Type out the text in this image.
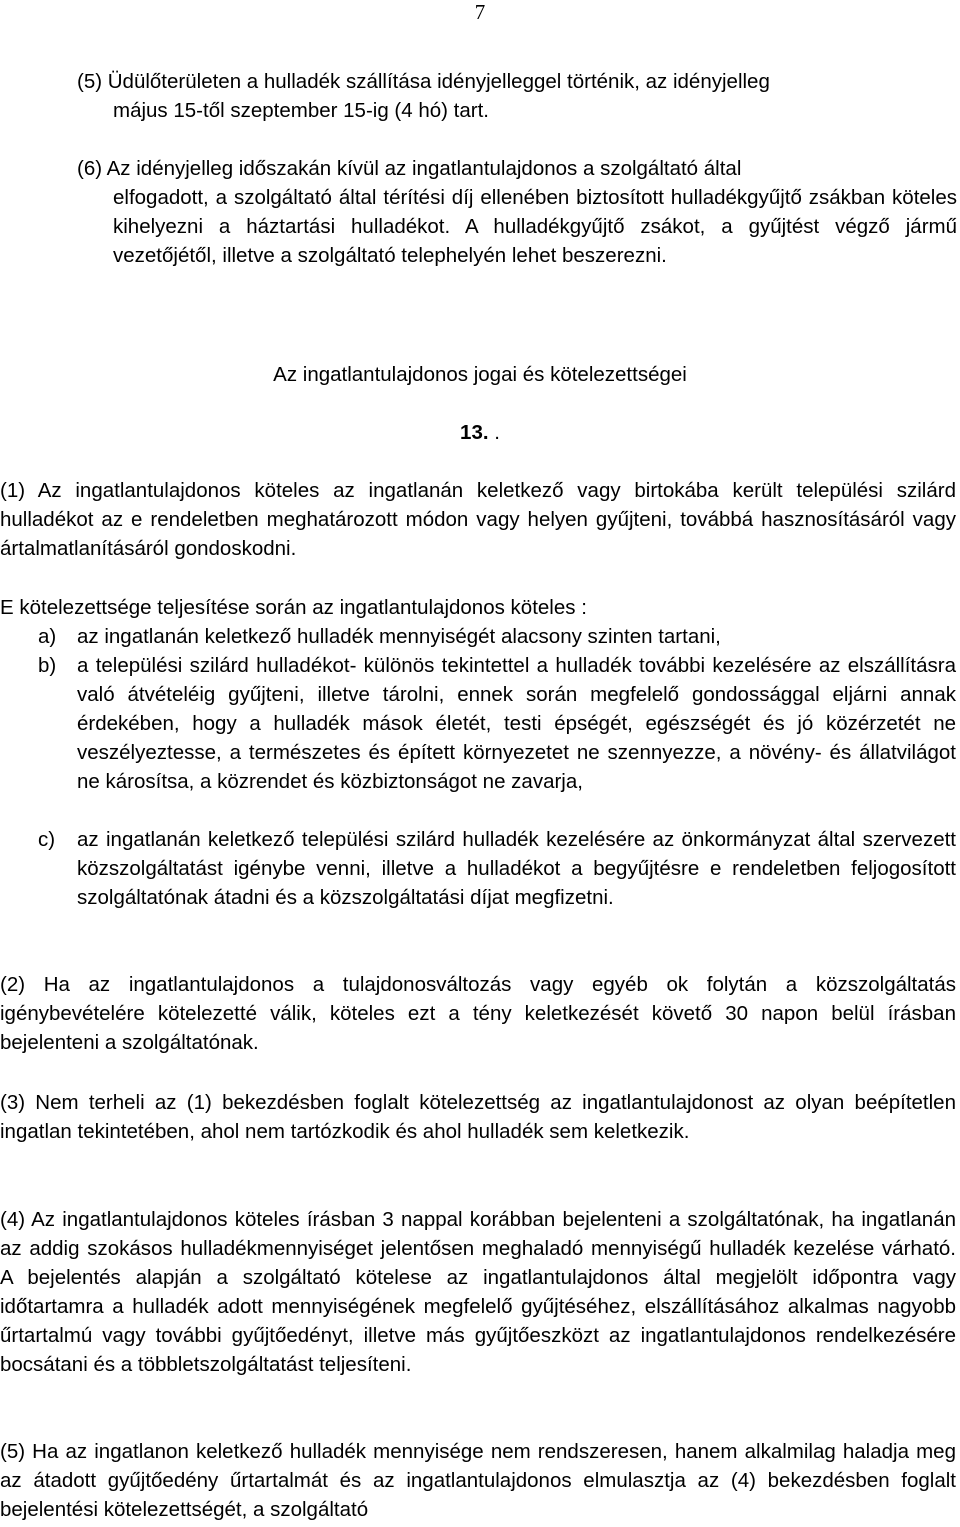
7
(5) Üdülőterületen a hulladék szállítása idényjelleggel történik, az idényjelleg
május 15-től szeptember 15-ig (4 hó) tart.
(6) Az idényjelleg időszakán kívül az ingatlantulajdonos a szolgáltató által
elfogadott, a szolgáltató által térítési díj ellenében biztosított hulladékgyűjtő zsákban köteles kihelyezni a háztartási hulladékot. A hulladékgyűjtő zsákot, a gyűjtést végző jármű vezetőjétől, illetve a szolgáltató telephelyén lehet beszerezni.
Az ingatlantulajdonos jogai és kötelezettségei
13. .
(1) Az ingatlantulajdonos köteles az ingatlanán keletkező vagy birtokába került települési szilárd hulladékot az e rendeletben meghatározott módon vagy helyen gyűjteni, továbbá hasznosításáról vagy ártalmatlanításáról gondoskodni.
E kötelezettsége teljesítése során az ingatlantulajdonos köteles :
a) az ingatlanán keletkező hulladék mennyiségét alacsony szinten tartani,
b) a települési szilárd hulladékot- különös tekintettel a hulladék további kezelésére az elszállításra való átvételéig gyűjteni, illetve tárolni, ennek során megfelelő gondossággal eljárni annak érdekében, hogy a hulladék mások életét, testi épségét, egészségét és jó közérzetét ne veszélyeztesse, a természetes és épített környezetet ne szennyezze, a növény- és állatvilágot ne károsítsa, a közrendet és közbiztonságot ne zavarja,
c) az ingatlanán keletkező települési szilárd hulladék kezelésére az önkormányzat által szervezett közszolgáltatást igénybe venni, illetve a hulladékot a begyűjtésre e rendeletben feljogosított szolgáltatónak átadni és a közszolgáltatási díjat megfizetni.
(2) Ha az ingatlantulajdonos a tulajdonosváltozás vagy egyéb ok folytán a közszolgáltatás igénybevételére kötelezetté válik, köteles ezt a tény keletkezését követő 30 napon belül írásban bejelenteni a szolgáltatónak.
(3) Nem terheli az (1) bekezdésben foglalt kötelezettség az ingatlantulajdonost az olyan beépítetlen ingatlan tekintetében, ahol nem tartózkodik és ahol hulladék sem keletkezik.
(4) Az ingatlantulajdonos köteles írásban 3 nappal korábban bejelenteni a szolgáltatónak, ha ingatlanán az addig szokásos hulladékmennyiséget jelentősen meghaladó mennyiségű hulladék kezelése várható. A bejelentés alapján a szolgáltató kötelese az ingatlantulajdonos által megjelölt időpontra vagy időtartamra a hulladék adott mennyiségének megfelelő gyűjtéséhez, elszállításához alkalmas nagyobb űrtartalmú vagy további gyűjtőedényt, illetve más gyűjtőeszközt az ingatlantulajdonos rendelkezésére bocsátani és a többletszolgáltatást teljesíteni.
(5) Ha az ingatlanon keletkező hulladék mennyisége nem rendszeresen, hanem alkalmilag haladja meg az átadott gyűjtőedény űrtartalmát és az ingatlantulajdonos elmulasztja az (4) bekezdésben foglalt bejelentési kötelezettségét, a szolgáltató
